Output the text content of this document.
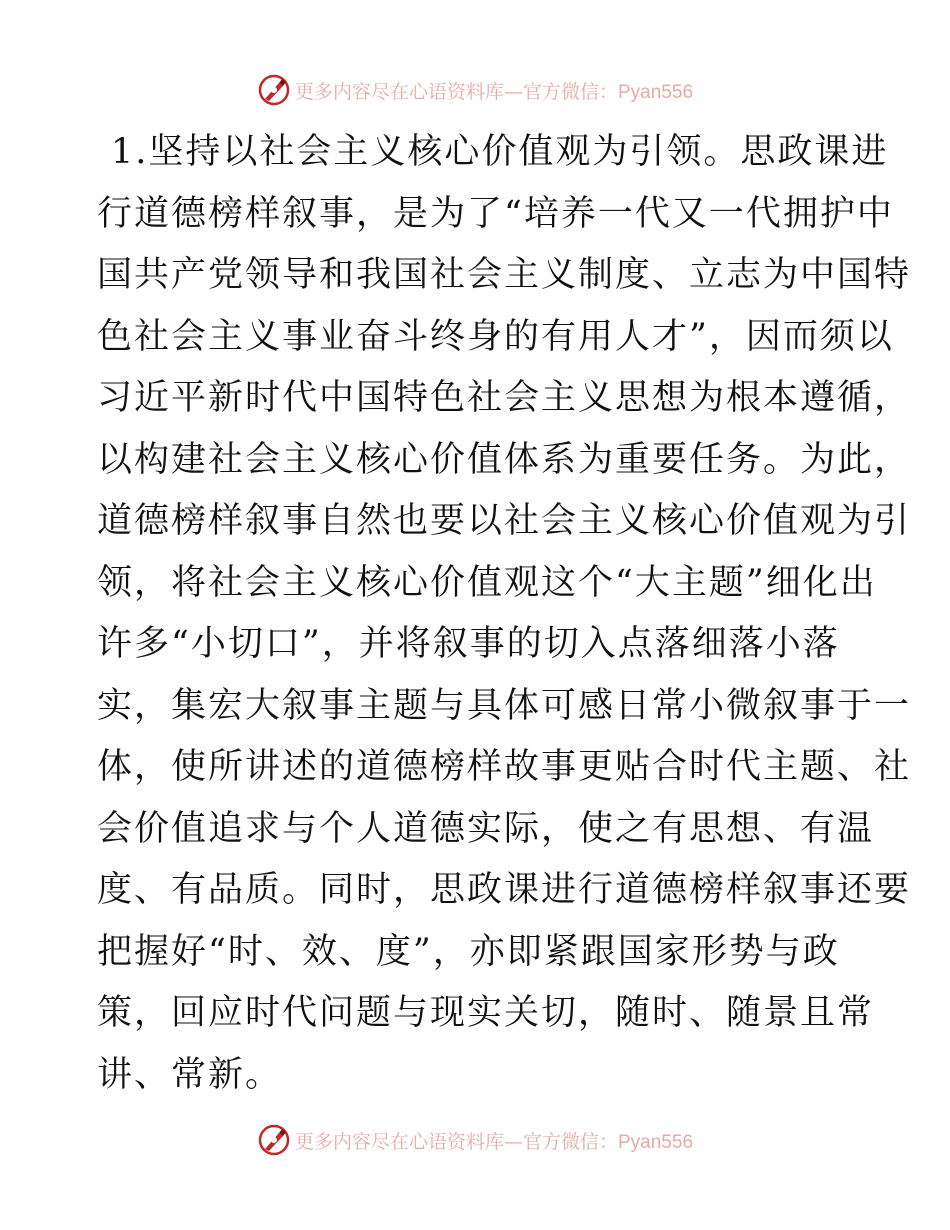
更多内容尽在心语资料库—官方微信：Pyan556
1.坚持以社会主义核心价值观为引领。思政课进
行道德榜样叙事，是为了“培养一代又一代拥护中
国共产党领导和我国社会主义制度、立志为中国特
色社会主义事业奋斗终身的有用人才”，因而须以
习近平新时代中国特色社会主义思想为根本遵循，
以构建社会主义核心价值体系为重要任务。为此，
道德榜样叙事自然也要以社会主义核心价值观为引
领，将社会主义核心价值观这个“大主题”细化出
许多“小切口”，并将叙事的切入点落细落小落
实，集宏大叙事主题与具体可感日常小微叙事于一
体，使所讲述的道德榜样故事更贴合时代主题、社
会价值追求与个人道德实际，使之有思想、有温
度、有品质。同时，思政课进行道德榜样叙事还要
把握好“时、效、度”，亦即紧跟国家形势与政
策，回应时代问题与现实关切，随时、随景且常
讲、常新。
更多内容尽在心语资料库—官方微信：Pyan556
